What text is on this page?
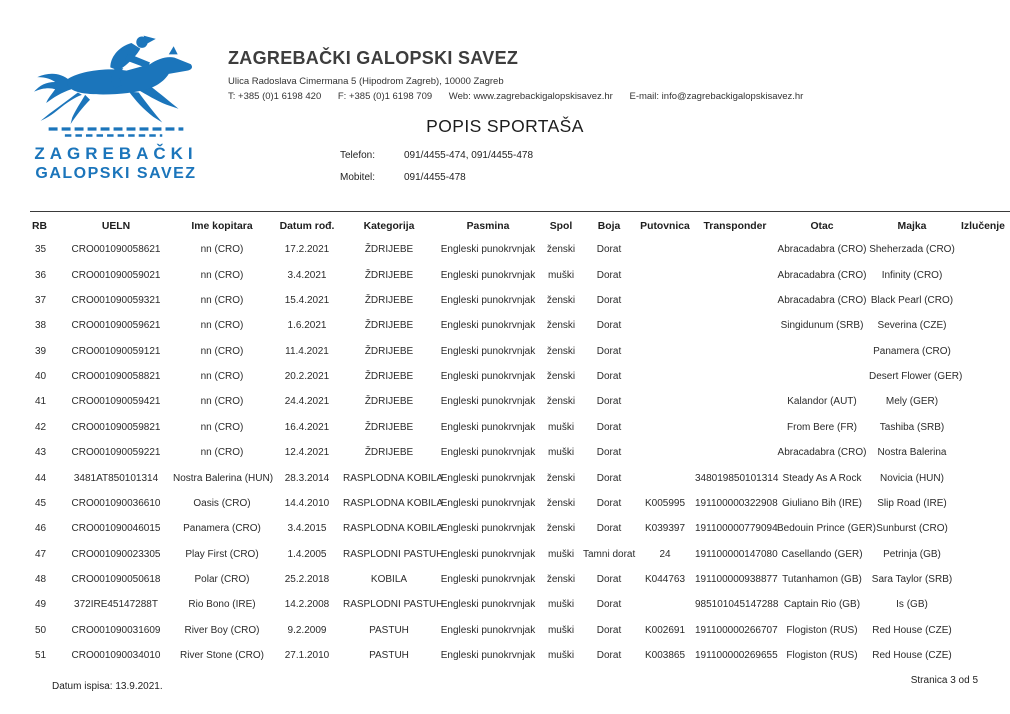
ZAGREBAČKI
GALOPSKI SAVEZ
ZAGREBAČKI GALOPSKI SAVEZ
Ulica Radoslava Cimermana 5 (Hipodrom Zagreb), 10000 Zagreb
T: +385 (0)1 6198 420 F: +385 (0)1 6198 709 Web: www.zagrebackigalopskisavez.hr E-mail: info@zagrebackigalopskisavez.hr
POPIS SPORTAŠA
Telefon:	091/4455-474, 091/4455-478
Mobitel:	091/4455-478
RB	UELN	Ime kopitara	Datum rođ.	Kategorija	Pasmina	Spol	Boja	Putovnica	Transponder	Otac	Majka	Izlučenje
35	CRO001090058621	nn (CRO)	17.2.2021	ŽDRIJEBE	Engleski punokrvnjak	ženski	Dorat			Abracadabra (CRO)	Sheherzada (CRO)	
36	CRO001090059021	nn (CRO)	3.4.2021	ŽDRIJEBE	Engleski punokrvnjak	muški	Dorat			Abracadabra (CRO)	Infinity (CRO)	
37	CRO001090059321	nn (CRO)	15.4.2021	ŽDRIJEBE	Engleski punokrvnjak	ženski	Dorat			Abracadabra (CRO)	Black Pearl (CRO)	
38	CRO001090059621	nn (CRO)	1.6.2021	ŽDRIJEBE	Engleski punokrvnjak	ženski	Dorat			Singidunum (SRB)	Severina (CZE)	
39	CRO001090059121	nn (CRO)	11.4.2021	ŽDRIJEBE	Engleski punokrvnjak	ženski	Dorat				Panamera (CRO)	
40	CRO001090058821	nn (CRO)	20.2.2021	ŽDRIJEBE	Engleski punokrvnjak	ženski	Dorat				Desert Flower (GER)	
41	CRO001090059421	nn (CRO)	24.4.2021	ŽDRIJEBE	Engleski punokrvnjak	ženski	Dorat			Kalandor (AUT)	Mely (GER)	
42	CRO001090059821	nn (CRO)	16.4.2021	ŽDRIJEBE	Engleski punokrvnjak	muški	Dorat			From Bere (FR)	Tashiba (SRB)	
43	CRO001090059221	nn (CRO)	12.4.2021	ŽDRIJEBE	Engleski punokrvnjak	muški	Dorat			Abracadabra (CRO)	Nostra Balerina	
44	3481AT850101314	Nostra Balerina (HUN)	28.3.2014	RASPLODNA KOBILA	Engleski punokrvnjak	ženski	Dorat		348019850101314	Steady As A Rock	Novicia (HUN)	
45	CRO001090036610	Oasis (CRO)	14.4.2010	RASPLODNA KOBILA	Engleski punokrvnjak	ženski	Dorat	K005995	191100000322908	Giuliano Bih (IRE)	Slip Road (IRE)	
46	CRO001090046015	Panamera (CRO)	3.4.2015	RASPLODNA KOBILA	Engleski punokrvnjak	ženski	Dorat	K039397	191100000779094	Bedouin Prince (GER)	Sunburst (CRO)	
47	CRO001090023305	Play First (CRO)	1.4.2005	RASPLODNI PASTUH	Engleski punokrvnjak	muški	Tamni dorat	24	191100000147080	Casellando (GER)	Petrinja (GB)	
48	CRO001090050618	Polar (CRO)	25.2.2018	KOBILA	Engleski punokrvnjak	ženski	Dorat	K044763	191100000938877	Tutanhamon (GB)	Sara Taylor (SRB)	
49	372IRE45147288T	Rio Bono (IRE)	14.2.2008	RASPLODNI PASTUH	Engleski punokrvnjak	muški	Dorat		985101045147288	Captain Rio (GB)	Is (GB)	
50	CRO001090031609	River Boy (CRO)	9.2.2009	PASTUH	Engleski punokrvnjak	muški	Dorat	K002691	191100000266707	Flogiston (RUS)	Red House (CZE)	
51	CRO001090034010	River Stone (CRO)	27.1.2010	PASTUH	Engleski punokrvnjak	muški	Dorat	K003865	191100000269655	Flogiston (RUS)	Red House (CZE)	
Datum ispisa: 13.9.2021.
Stranica 3 od 5
